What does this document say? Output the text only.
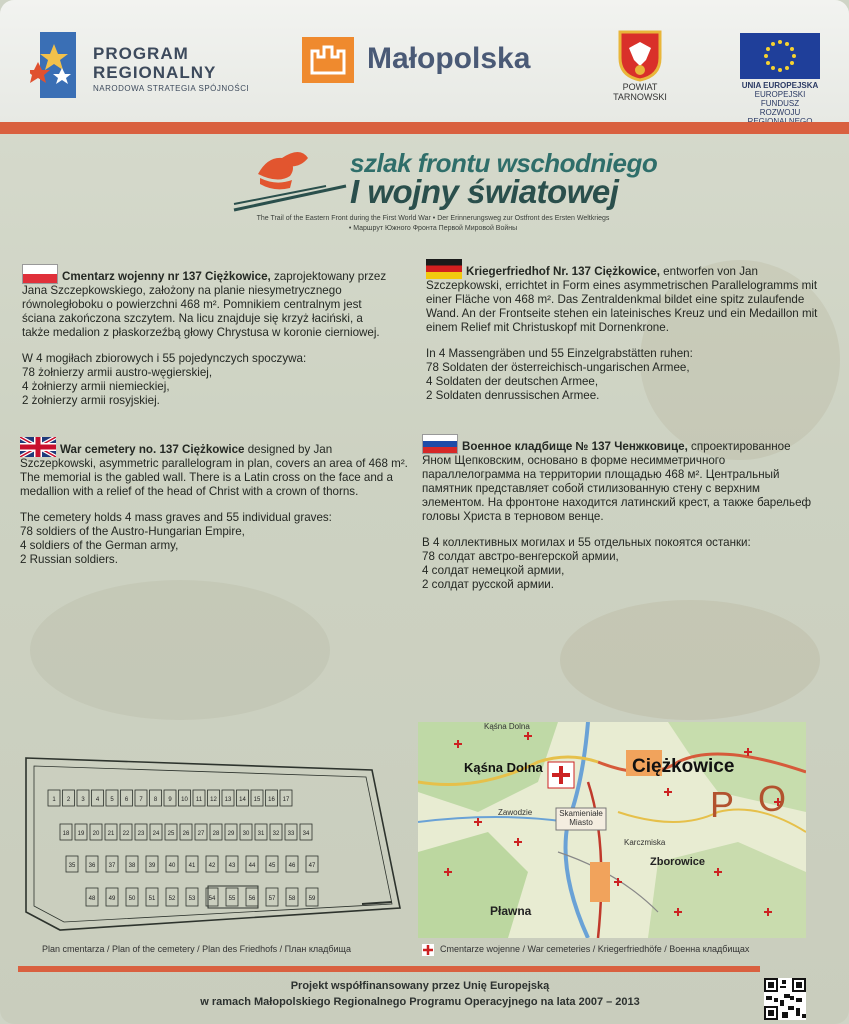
PROGRAM
REGIONALNY
NARODOWA STRATEGIA SPÓJNOŚCI
Małopolska
POWIAT TARNOWSKI
UNIA EUROPEJSKA
EUROPEJSKI FUNDUSZ
ROZWOJU
szlak frontu wschodniego
I wojny światowej
The Trail of the Eastern Front during the First World War • Der Erinnerungsweg zur Ostfront des Ersten Weltkriegs
• Маршрут Южного Фронта Первой Мировой Войны

Cmentarz wojenny nr 137 Ciężkowice, zaprojektowany przez Jana Szczepkowskiego, założony na planie niesymetrycznego równoległoboku o powierzchni 468 m². Pomnikiem centralnym jest ściana zakończona szczytem. Na licu znajduje się krzyż łaciński, a także medalion z płaskorzeźbą głowy Chrystusa w koronie cierniowej.

W 4 mogiłach zbiorowych i 55 pojedynczych spoczywa:
78 żołnierzy armii austro-węgierskiej,
4 żołnierzy armii niemieckiej,
2 żołnierzy armii rosyjskiej.

Kriegerfriedhof Nr. 137 Ciężkowice, entworfen von Jan Szczepkowski, errichtet in Form eines asymmetrischen Parallelogramms mit einer Fläche von 468 m². Das Zentraldenkmal bildet eine spitz zulaufende Wand. An der Frontseite stehen ein lateinisches Kreuz und ein Medaillon mit einem Relief mit Christuskopf mit Dornenkrone.

In 4 Massengräben und 55 Einzelgrabstätten ruhen:
78 Soldaten der österreichisch-ungarischen Armee,
4 Soldaten der deutschen Armee,
2 Soldaten denrussischen Armee.

War cemetery no. 137 Ciężkowice designed by Jan Szczepkowski, asymmetric parallelogram in plan, covers an area of 468 m². The memorial is the gabled wall. There is a Latin cross on the face and a medallion with a relief of the head of Christ with a crown of thorns.

The cemetery holds 4 mass graves and 55 individual graves:
78 soldiers of the Austro-Hungarian Empire,
4 soldiers of the German army,
2 Russian soldiers.

Военное кладбище № 137 Ченжковице, спроектированное Яном Щепковским, основано в форме несимметричного параллелограмма на территории площадью 468 м². Центральный памятник представляет собой стилизованную стену с верхним элементом. На фронтоне находится латинский крест, а также барельеф головы Христа в терновом венце.

В 4 коллективных могилах и 55 отдельных покоятся останки:
78 солдат австро-венгерской армии,
4 солдат немецкой армии,
2 солдат русской армии.
1 2 3 4 5 6 7 8 9 10 11 12 13 14 15 16 17
18 19 20 21 22 23 24 25 26 27 28 29 30 31 32 33 34
35 36 37 38 39 40 41 42 43 44 45 46 47
48 49 50 51 52 53 54 55 56 57 58 59
Plan cmentarza / Plan of the cemetery / Plan des Friedhofs / План кладбища
Ciężkowice
Kąśna Dolna
Kąśna Dolna
Pławna
Zborowice
Zawodzie
Karczmiska
Skamieniałe Miasto	P O
Cmentarze wojenne / War cemeteries / Kriegerfriedhöfe / Военна кладбищах
Projekt współfinansowany przez Unię Europejską
w ramach Małopolskiego Regionalnego Programu Operacyjnego na lata 2007 – 2013
